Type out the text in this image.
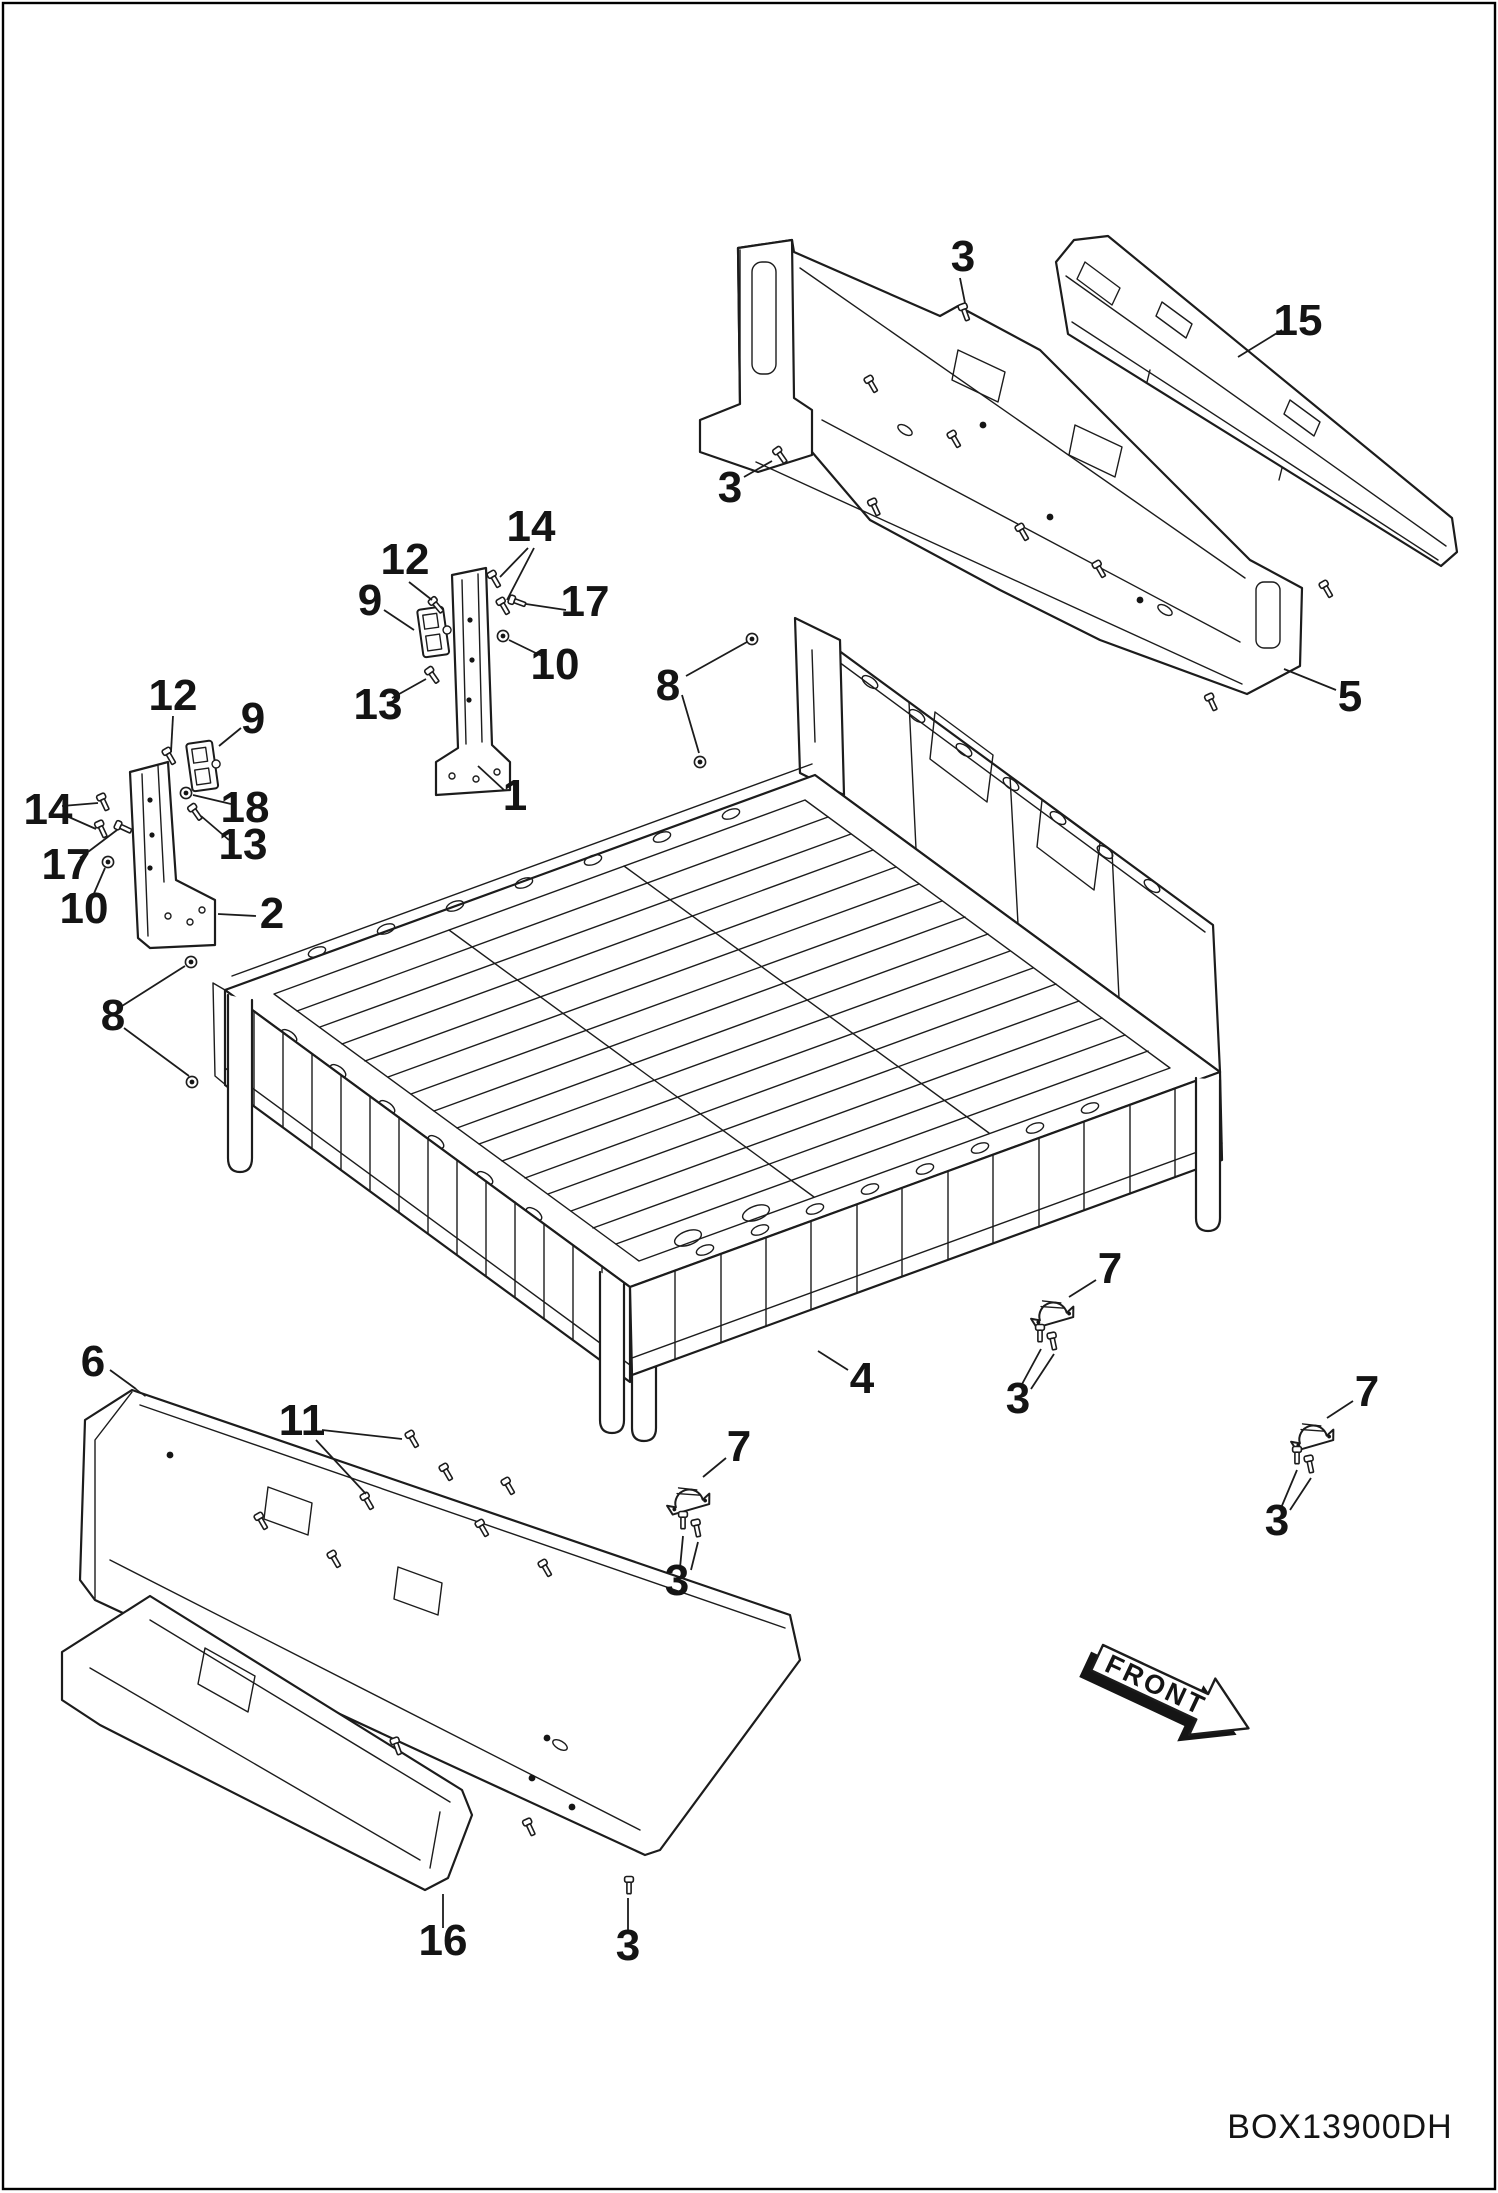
3
15
3
5
8
12
9
14
17
10
13
1
12 9
14	18
13
17
10	2
8
4
7
3
7
3	7
3
6
11
16	3
FRONT
BOX13900DH
